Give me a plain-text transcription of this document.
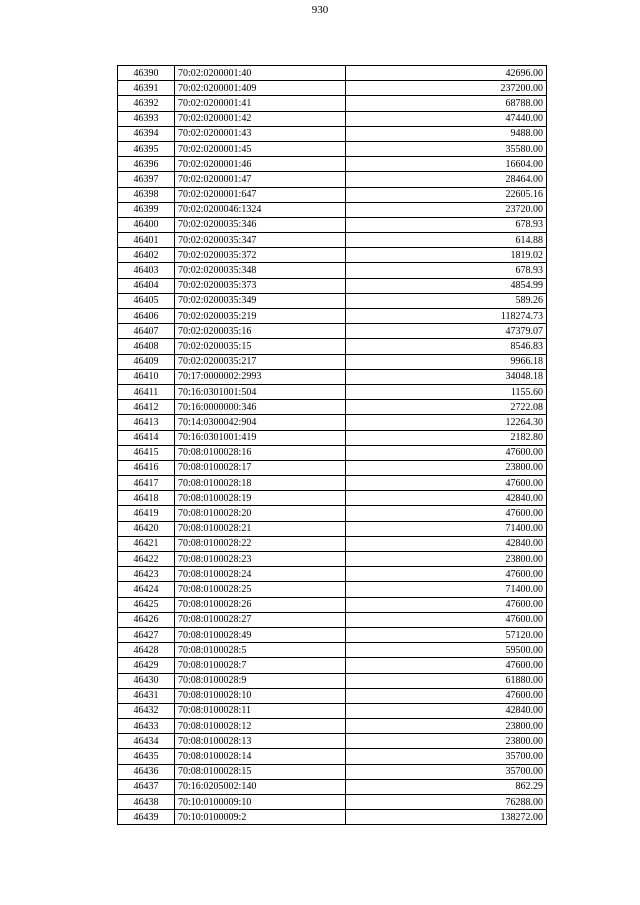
930
46390	70:02:0200001:40	42696.00
46391	70:02:0200001:409	237200.00
46392	70:02:0200001:41	68788.00
46393	70:02:0200001:42	47440.00
46394	70:02:0200001:43	9488.00
46395	70:02:0200001:45	35580.00
46396	70:02:0200001:46	16604.00
46397	70:02:0200001:47	28464.00
46398	70:02:0200001:647	22605.16
46399	70:02:0200046:1324	23720.00
46400	70:02:0200035:346	678.93
46401	70:02:0200035:347	614.88
46402	70:02:0200035:372	1819.02
46403	70:02:0200035:348	678.93
46404	70:02:0200035:373	4854.99
46405	70:02:0200035:349	589.26
46406	70:02:0200035:219	118274.73
46407	70:02:0200035:16	47379.07
46408	70:02:0200035:15	8546.83
46409	70:02:0200035:217	9966.18
46410	70:17:0000002:2993	34048.18
46411	70:16:0301001:504	1155.60
46412	70:16:0000000:346	2722.08
46413	70:14:0300042:904	12264.30
46414	70:16:0301001:419	2182.80
46415	70:08:0100028:16	47600.00
46416	70:08:0100028:17	23800.00
46417	70:08:0100028:18	47600.00
46418	70:08:0100028:19	42840.00
46419	70:08:0100028:20	47600.00
46420	70:08:0100028:21	71400.00
46421	70:08:0100028:22	42840.00
46422	70:08:0100028:23	23800.00
46423	70:08:0100028:24	47600.00
46424	70:08:0100028:25	71400.00
46425	70:08:0100028:26	47600.00
46426	70:08:0100028:27	47600.00
46427	70:08:0100028:49	57120.00
46428	70:08:0100028:5	59500.00
46429	70:08:0100028:7	47600.00
46430	70:08:0100028:9	61880.00
46431	70:08:0100028:10	47600.00
46432	70:08:0100028:11	42840.00
46433	70:08:0100028:12	23800.00
46434	70:08:0100028:13	23800.00
46435	70:08:0100028:14	35700.00
46436	70:08:0100028:15	35700.00
46437	70:16:0205002:140	862.29
46438	70:10:0100009:10	76288.00
46439	70:10:0100009:2	138272.00
